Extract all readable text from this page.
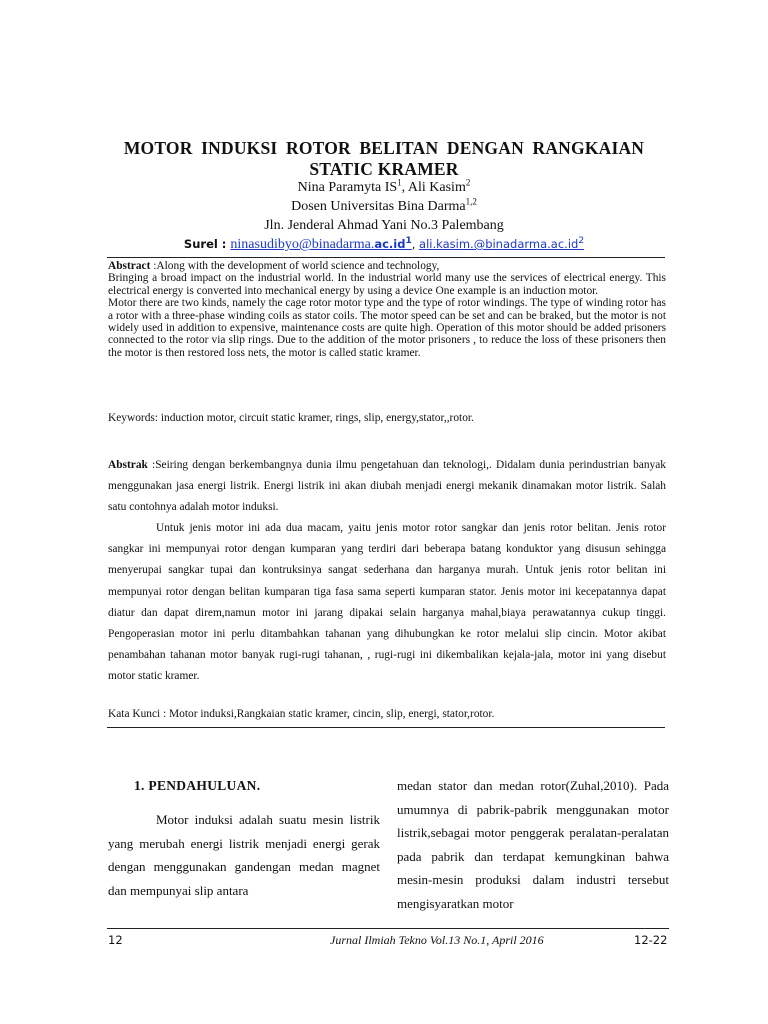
MOTOR INDUKSI ROTOR BELITAN DENGAN RANGKAIAN
STATIC KRAMER
Nina Paramyta $IS^1$, Ali Kasim$^2$
Dosen Universitas Bina Darma$^{1,2}$
Jln. Jenderal Ahmad Yani No.3 Palembang
Surel : $ninasudibyo@binadarma.ac.id^1$, $ali.kasim.@binadarma.ac.id^2$

Abstract :Along with the development of world science and technology,

Bringing a broad impact on the industrial world. In the industrial world many use the services of electrical energy. This electrical energy is converted into mechanical energy by using a device One example is an induction motor.

Motor there are two kinds, namely the cage rotor motor type and the type of rotor windings. The type of winding rotor has a rotor with a three-phase winding coils as stator coils. The motor speed can be set and can be braked, but the motor is not widely used in addition to expensive, maintenance costs are quite high. Operation of this motor should be added prisoners connected to the rotor via slip rings. Due to the addition of the motor prisoners , to reduce the loss of these prisoners then the motor is then restored loss nets, the motor is called static kramer.

Keywords: induction motor, circuit static kramer, rings, slip, energy,stator,,rotor.

Abstrak :Seiring dengan berkembangnya dunia ilmu pengetahuan dan teknologi,. Didalam dunia perindustrian banyak menggunakan jasa energi listrik. Energi listrik ini akan diubah menjadi energi mekanik dinamakan motor listrik. Salah satu contohnya adalah motor induksi.

Untuk jenis motor ini ada dua macam, yaitu jenis motor rotor sangkar dan jenis rotor belitan. Jenis rotor sangkar ini mempunyai rotor dengan kumparan yang terdiri dari beberapa batang konduktor yang disusun sehingga menyerupai sangkar tupai dan kontruksinya sangat sederhana dan harganya murah. Untuk jenis rotor belitan ini mempunyai rotor dengan belitan kumparan tiga fasa sama seperti kumparan stator. Jenis motor ini kecepatannya dapat diatur dan dapat direm,namun motor ini jarang dipakai selain harganya mahal,biaya perawatannya cukup tinggi. Pengoperasian motor ini perlu ditambahkan tahanan yang dihubungkan ke rotor melalui slip cincin. Motor akibat penambahan tahanan motor banyak rugi-rugi tahanan, , rugi-rugi ini dikembalikan kejala-jala, motor ini yang disebut motor static kramer.

Kata Kunci : Motor induksi,Rangkaian static kramer, cincin, slip, energi, stator,rotor.
1. PENDAHULUAN.
Motor induksi adalah suatu mesin listrik yang merubah energi listrik menjadi energi gerak dengan menggunakan gandengan medan magnet dan mempunyai slip antara
medan stator dan medan rotor(Zuhal,2010). Pada umumnya di pabrik-pabrik menggunakan motor listrik,sebagai motor penggerak peralatan-peralatan pada pabrik dan terdapat kemungkinan bahwa mesin-mesin produksi dalam industri tersebut mengisyaratkan motor
12	Jurnal Ilmiah Tekno Vol.13 No.1, April 2016	12-22
